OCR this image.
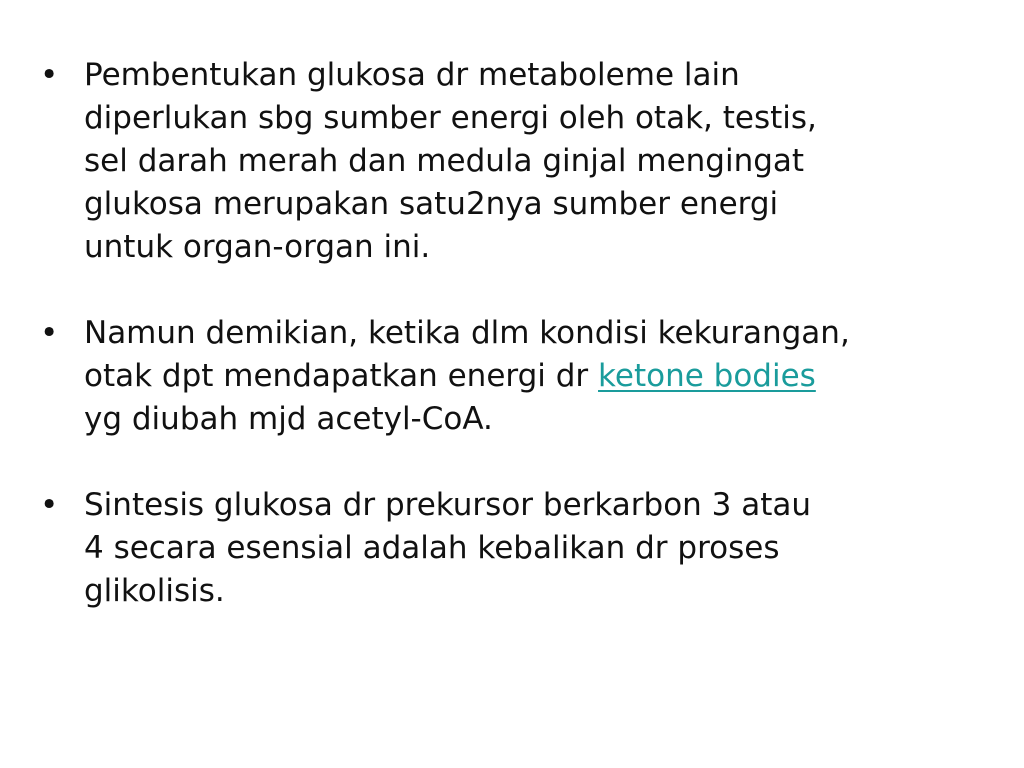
• Pembentukan glukosa dr metaboleme lain
diperlukan sbg sumber energi oleh otak, testis,
sel darah merah dan medula ginjal mengingat
glukosa merupakan satu2nya sumber energi
untuk organ-organ ini.
• Namun demikian, ketika dlm kondisi kekurangan,
otak dpt mendapatkan energi dr ketone bodies
yg diubah mjd acetyl-CoA.
• Sintesis glukosa dr prekursor berkarbon 3 atau
4 secara esensial adalah kebalikan dr proses
glikolisis.
